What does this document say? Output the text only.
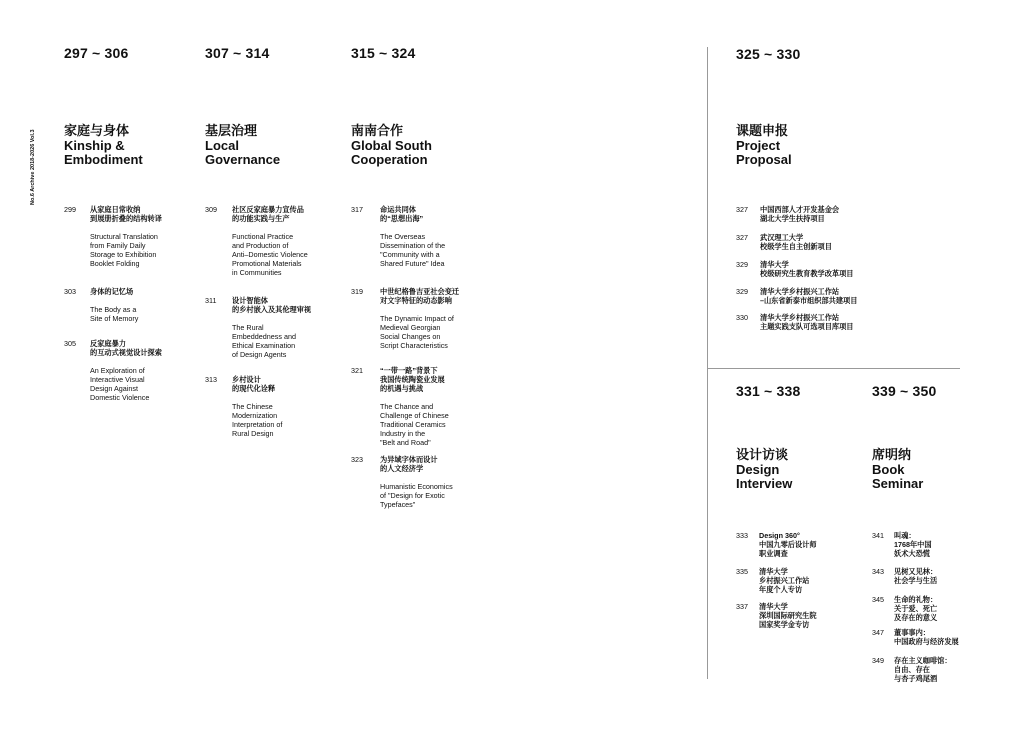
No.6 Archive 2018-2026 Vol.3
297 ~ 306
家庭与身体
Kinship &
Embodiment
299 从家庭日常收纳
到展册折叠的结构转译
Structural Translation
from Family Daily
Storage to Exhibition
Booklet Folding
303 身体的记忆场
The Body as a
Site of Memory
305 反家庭暴力
的互动式视觉设计探索
An Exploration of
Interactive Visual
Design Against
Domestic Violence
307 ~ 314
基层治理
Local
Governance
309 社区反家庭暴力宣传品
的功能实践与生产
Functional Practice
and Production of
Anti–Domestic Violence
Promotional Materials
in Communities
311 设计智能体
的乡村嵌入及其伦理审视
The Rural
Embeddedness and
Ethical Examination
of Design Agents
313 乡村设计
的现代化诠释
The Chinese
Modernization
Interpretation of
Rural Design
315 ~ 324
南南合作
Global South
Cooperation
317 命运共同体
的“思想出海”
The Overseas
Dissemination of the
"Community with a
Shared Future" Idea
319 中世纪格鲁吉亚社会变迁
对文字特征的动态影响
The Dynamic Impact of
Medieval Georgian
Social Changes on
Script Characteristics
321 “一带一路”背景下
我国传统陶瓷业发展
的机遇与挑战
The Chance and
Challenge of Chinese
Traditional Ceramics
Industry in the
"Belt and Road"
323 为异域字体而设计
的人文经济学
Humanistic Economics
of "Design for Exotic
Typefaces"
325 ~ 330
课题申报
Project
Proposal
327 中国西部人才开发基金会
湖北大学生扶持项目
327 武汉理工大学
校级学生自主创新项目
329 清华大学
校级研究生教育教学改革项目
329 清华大学乡村振兴工作站
–山东省新泰市组织部共建项目
330 清华大学乡村振兴工作站
主题实践支队可选项目库项目
331 ~ 338
设计访谈
Design
Interview
333 Design 360°
中国九零后设计师
职业调查
335 清华大学
乡村振兴工作站
年度个人专访
337 清华大学
深圳国际研究生院
国家奖学金专访
339 ~ 350
席明纳
Book
Seminar
341 叫魂：
1768年中国
妖术大恐慌
343 见树又见林：
社会学与生活
345 生命的礼物：
关于爱、死亡
及存在的意义
347 董事事内：
中国政府与经济发展
349 存在主义咖啡馆：
自由、存在
与杏子鸡尾酒
